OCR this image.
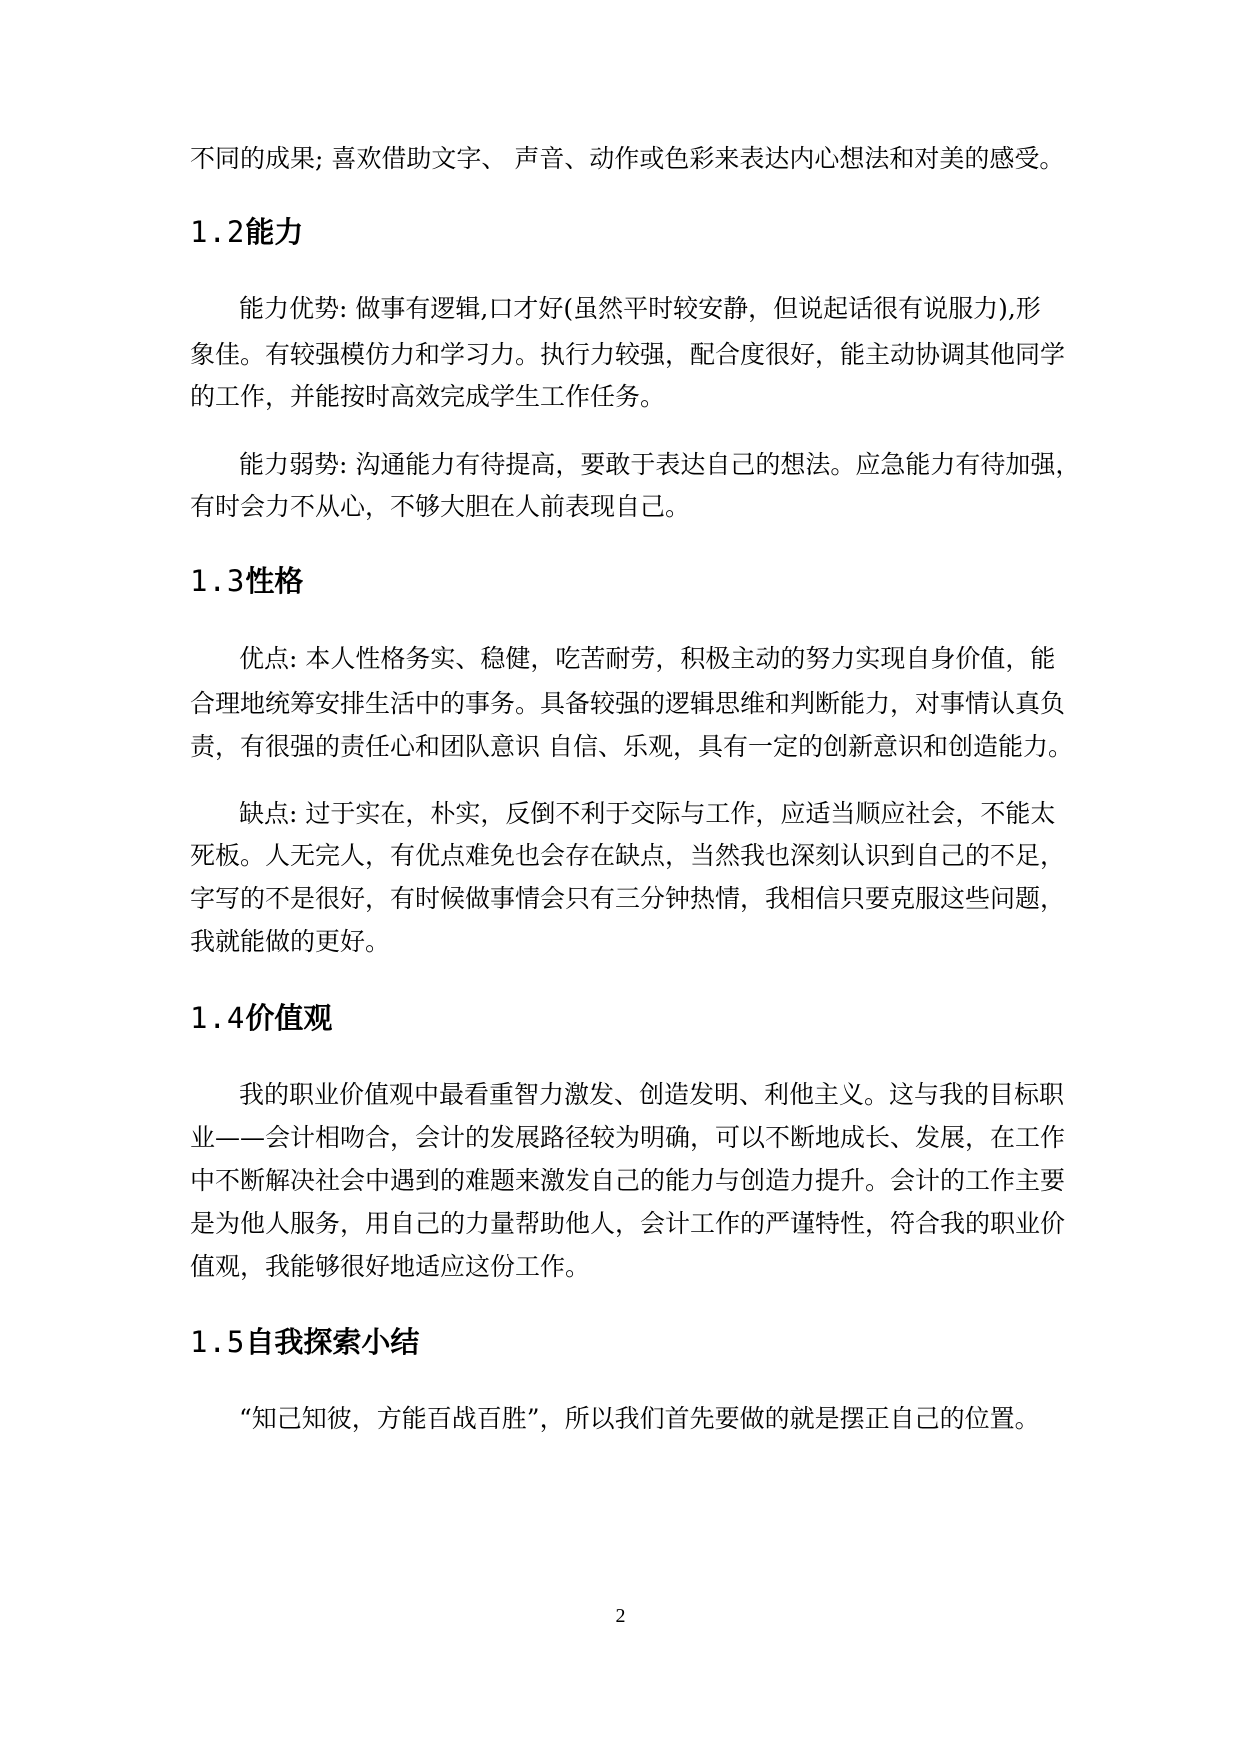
不同的成果; 喜欢借助文字、 声音、动作或色彩来表达内心想法和对美的感受。
1.2能力
能力优势: 做事有逻辑,口才好(虽然平时较安静，但说起话很有说服力),形
象佳。有较强模仿力和学习力。执行力较强，配合度很好，能主动协调其他同学
的工作，并能按时高效完成学生工作任务。
能力弱势: 沟通能力有待提高，要敢于表达自己的想法。应急能力有待加强，
有时会力不从心，不够大胆在人前表现自己。
1.3性格
优点: 本人性格务实、稳健，吃苦耐劳，积极主动的努力实现自身价值，能
合理地统筹安排生活中的事务。具备较强的逻辑思维和判断能力，对事情认真负
责，有很强的责任心和团队意识 自信、乐观，具有一定的创新意识和创造能力。
缺点: 过于实在，朴实，反倒不利于交际与工作，应适当顺应社会，不能太
死板。人无完人，有优点难免也会存在缺点，当然我也深刻认识到自己的不足，
字写的不是很好，有时候做事情会只有三分钟热情，我相信只要克服这些问题，
我就能做的更好。
1.4价值观
我的职业价值观中最看重智力激发、创造发明、利他主义。这与我的目标职
业——会计相吻合，会计的发展路径较为明确，可以不断地成长、发展，在工作
中不断解决社会中遇到的难题来激发自己的能力与创造力提升。会计的工作主要
是为他人服务，用自己的力量帮助他人，会计工作的严谨特性，符合我的职业价
值观，我能够很好地适应这份工作。
1.5自我探索小结
“知己知彼，方能百战百胜”，所以我们首先要做的就是摆正自己的位置。
2
